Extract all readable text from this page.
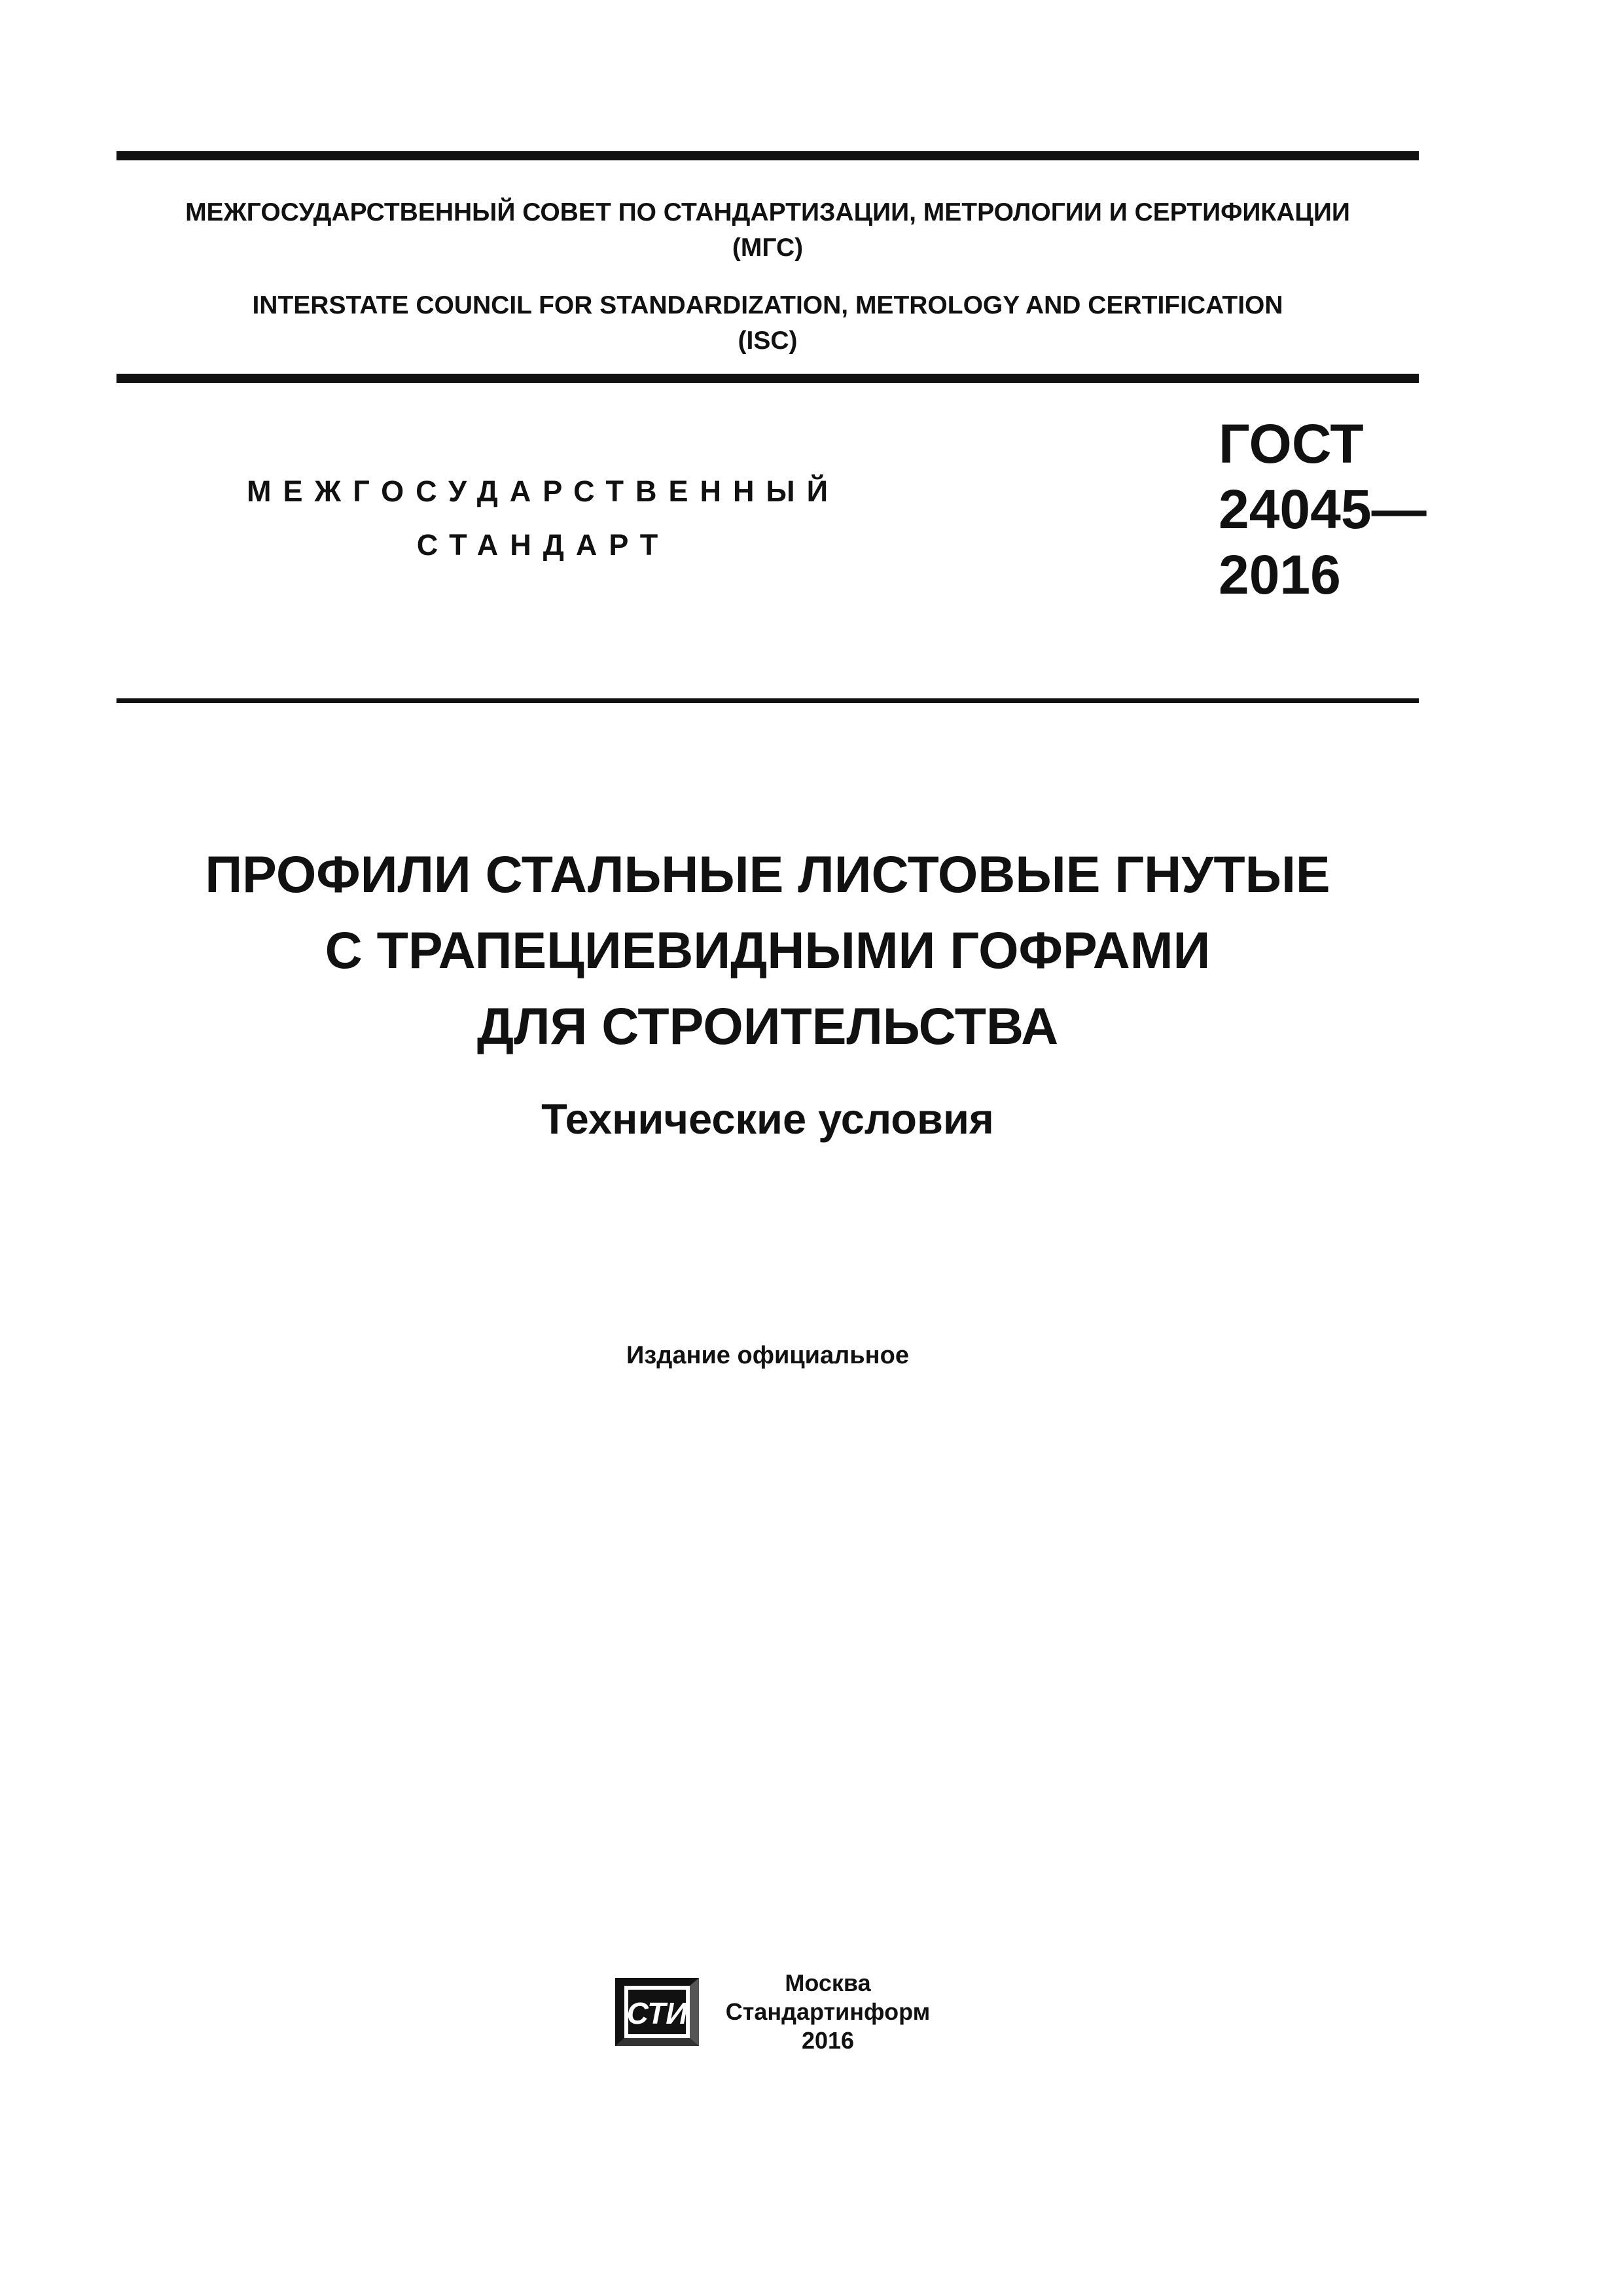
МЕЖГОСУДАРСТВЕННЫЙ СОВЕТ ПО СТАНДАРТИЗАЦИИ, МЕТРОЛОГИИ И СЕРТИФИКАЦИИ
(МГС)
INTERSTATE COUNCIL FOR STANDARDIZATION, METROLOGY AND CERTIFICATION
(ISC)
МЕЖГОСУДАРСТВЕННЫЙ
СТАНДАРТ
ГОСТ
24045—
2016
ПРОФИЛИ СТАЛЬНЫЕ ЛИСТОВЫЕ ГНУТЫЕ
С ТРАПЕЦИЕВИДНЫМИ ГОФРАМИ
ДЛЯ СТРОИТЕЛЬСТВА
Технические условия
Издание официальное
СТИ
Москва
Стандартинформ
2016
